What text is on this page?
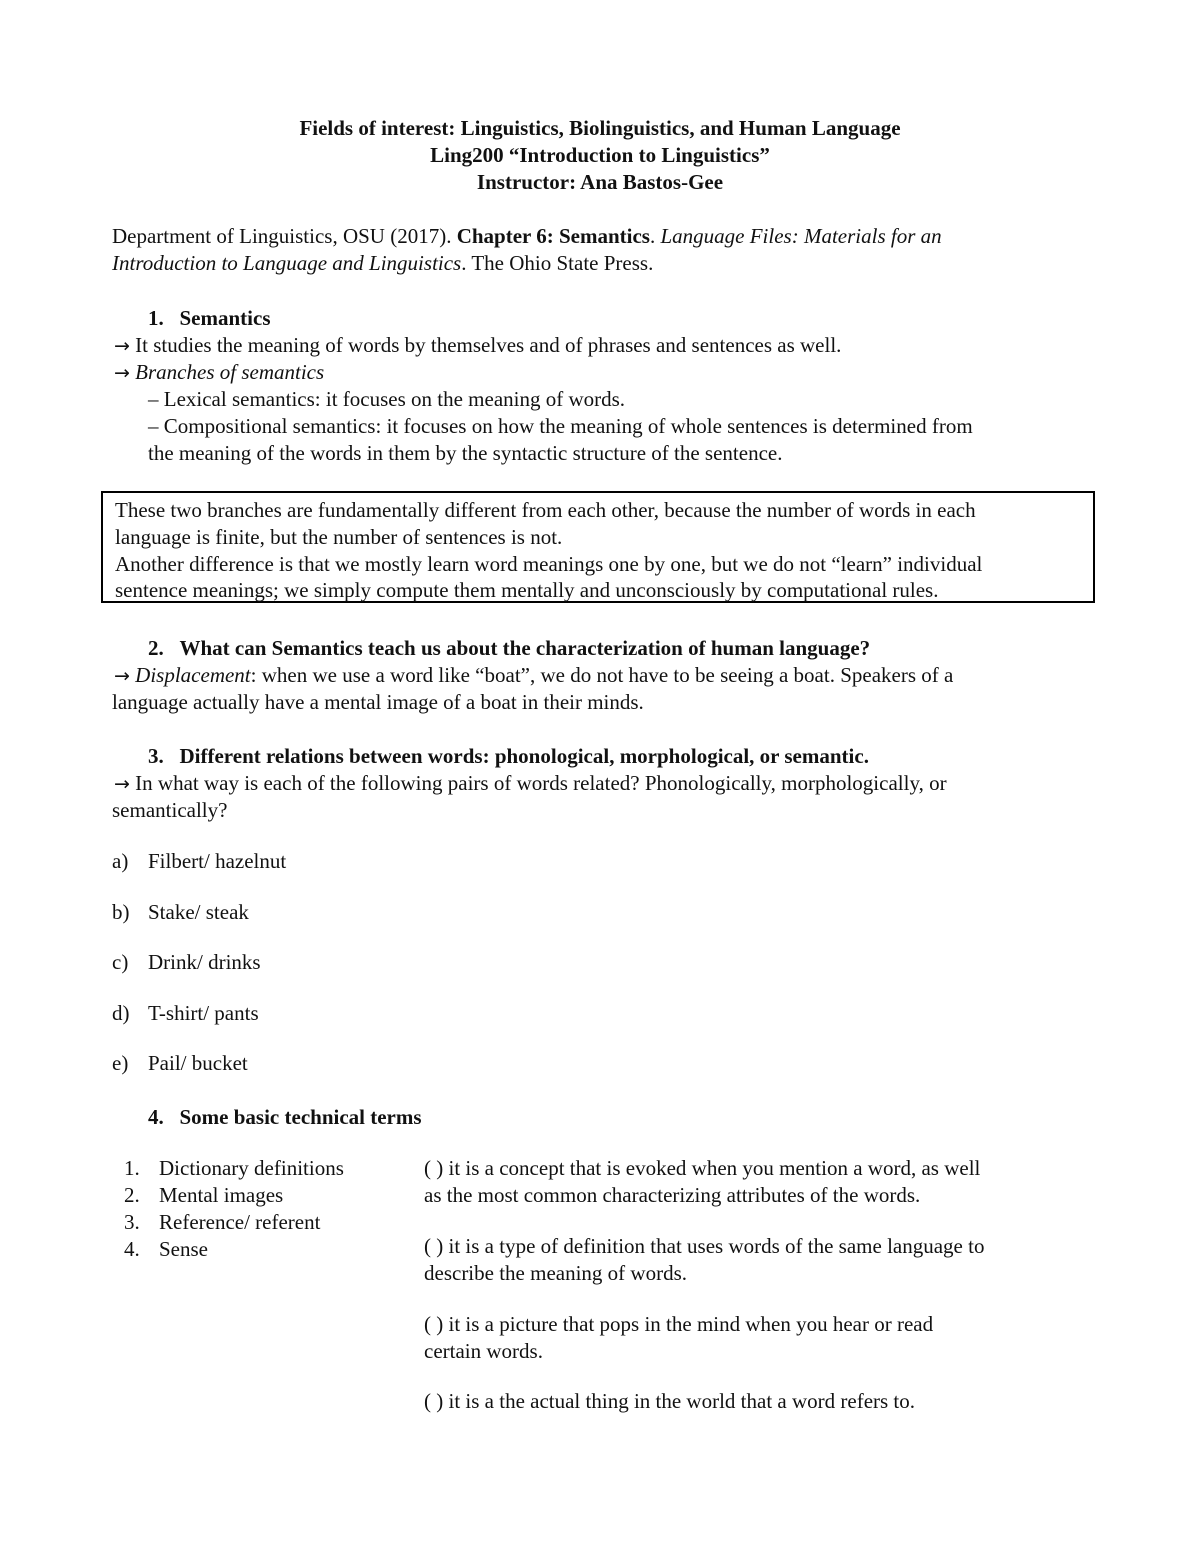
Fields of interest: Linguistics, Biolinguistics, and Human Language
Ling200 “Introduction to Linguistics”
Instructor: Ana Bastos-Gee
Department of Linguistics, OSU (2017). Chapter 6: Semantics. Language Files: Materials for an
Introduction to Language and Linguistics. The Ohio State Press.
1. Semantics
→ It studies the meaning of words by themselves and of phrases and sentences as well.
→ Branches of semantics
– Lexical semantics: it focuses on the meaning of words.
– Compositional semantics: it focuses on how the meaning of whole sentences is determined from
the meaning of the words in them by the syntactic structure of the sentence.
These two branches are fundamentally different from each other, because the number of words in each
language is finite, but the number of sentences is not.
Another difference is that we mostly learn word meanings one by one, but we do not “learn” individual
sentence meanings; we simply compute them mentally and unconsciously by computational rules.
2. What can Semantics teach us about the characterization of human language?
→ Displacement: when we use a word like “boat”, we do not have to be seeing a boat. Speakers of a
language actually have a mental image of a boat in their minds.
3. Different relations between words: phonological, morphological, or semantic.
→ In what way is each of the following pairs of words related? Phonologically, morphologically, or
semantically?
a) Filbert/ hazelnut
b) Stake/ steak
c) Drink/ drinks
d) T-shirt/ pants
e) Pail/ bucket
4. Some basic technical terms
1. Dictionary definitions
2. Mental images
3. Reference/ referent
4. Sense
( ) it is a concept that is evoked when you mention a word, as well
as the most common characterizing attributes of the words.
( ) it is a type of definition that uses words of the same language to
describe the meaning of words.
( ) it is a picture that pops in the mind when you hear or read
certain words.
( ) it is a the actual thing in the world that a word refers to.
